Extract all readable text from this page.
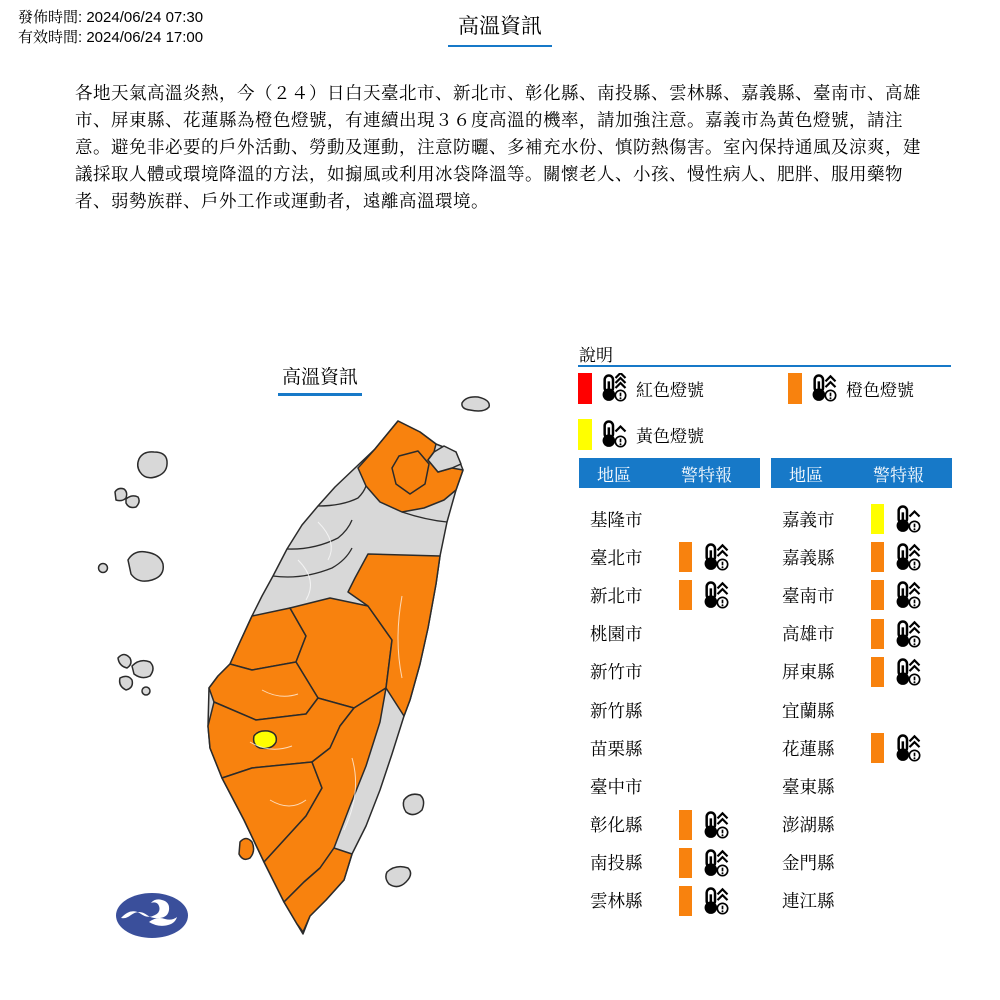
發佈時間: 2024/06/24 07:30
有效時間: 2024/06/24 17:00	高溫資訊
各地天氣高溫炎熱，今（２４）日白天臺北市、新北市、彰化縣、南投縣、雲林縣、嘉義縣、臺南市、高雄市、屏東縣、花蓮縣為橙色燈號，有連續出現３６度高溫的機率，請加強注意。嘉義市為黃色燈號，請注意。避免非必要的戶外活動、勞動及運動，注意防曬、多補充水份、慎防熱傷害。室內保持通風及涼爽，建議採取人體或環境降溫的方法，如搧風或利用冰袋降溫等。關懷老人、小孩、慢性病人、肥胖、服用藥物者、弱勢族群、戶外工作或運動者，遠離高溫環境。
高溫資訊
說明
紅色燈號	橙色燈號
黃色燈號
地區	警特報
基隆市
臺北市
新北市
桃園市
新竹市
新竹縣
苗栗縣
臺中市
彰化縣
南投縣
雲林縣
地區	警特報
嘉義市
嘉義縣
臺南市
高雄市
屏東縣
宜蘭縣
花蓮縣
臺東縣
澎湖縣
金門縣
連江縣
